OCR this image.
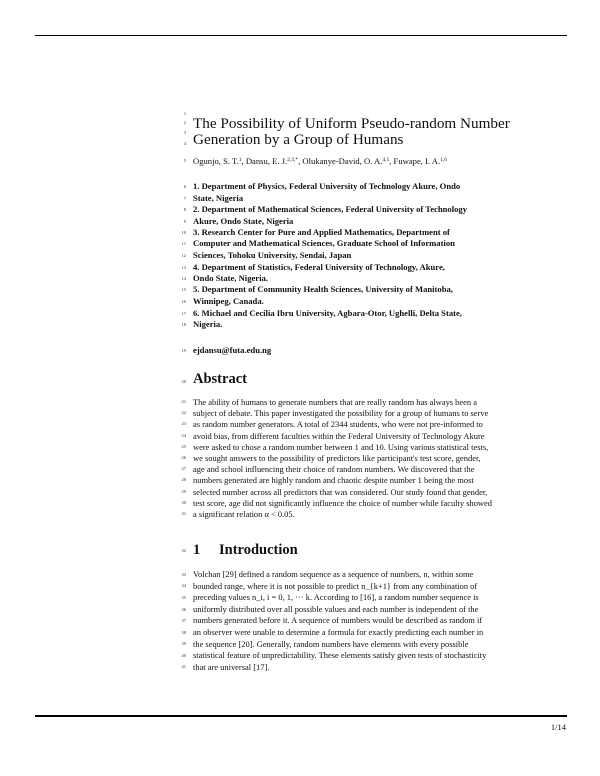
1
2
3
4
5
6
7
8
9
10
11
12
13
14
15
16
17
18
19
20
21
22
23
24
25
26
27
28
29
30
31
32
33
34
35
36
37
38
39
40
41
The Possibility of Uniform Pseudo-random Number
Generation by a Group of Humans
Ogunjo, S. T.$^1$, Dansu, E. J.$^{2,3,*}$, Olukanye-David, O. A.$^{4,5}$, Fuwape, I. A.$^{1,6}$
1. Department of Physics, Federal University of Technology Akure, Ondo
State, Nigeria
2. Department of Mathematical Sciences, Federal University of Technology
Akure, Ondo State, Nigeria
3. Research Center for Pure and Applied Mathematics, Department of
Computer and Mathematical Sciences, Graduate School of Information
Sciences, Tohoku University, Sendai, Japan
4. Department of Statistics, Federal University of Technology, Akure,
Ondo State, Nigeria.
5. Department of Community Health Sciences, University of Manitoba,
Winnipeg, Canada.
6. Michael and Cecilia Ibru University, Agbara-Otor, Ughelli, Delta State,
Nigeria.
ejdansu@futa.edu.ng
Abstract
The ability of humans to generate numbers that are really random has always been a
subject of debate. This paper investigated the possibility for a group of humans to serve
as random number generators. A total of 2344 students, who were not pre-informed to
avoid bias, from different faculties within the Federal University of Technology Akure
were asked to chose a random number between 1 and 10. Using various statistical tests,
we sought answers to the possibility of predictors like participant's test score, gender,
age and school influencing their choice of random numbers. We discovered that the
numbers generated are highly random and chaotic despite number 1 being the most
selected number across all predictors that was considered. Our study found that gender,
test score, age did not significantly influence the choice of number while faculty showed
a significant relation α < 0.05.
1 Introduction
Volchan [29] defined a random sequence as a sequence of numbers, n, within some
bounded range, where it is not possible to predict n_{k+1} from any combination of
preceding values n_i, i = 0, 1, ··· k. According to [16], a random number sequence is
uniformly distributed over all possible values and each number is independent of the
numbers generated before it. A sequence of numbers would be described as random if
an observer were unable to determine a formula for exactly predicting each number in
the sequence [20]. Generally, random numbers have elements with every possible
statistical feature of unpredictability. These elements satisfy given tests of stochasticity
that are universal [17].
1/14
